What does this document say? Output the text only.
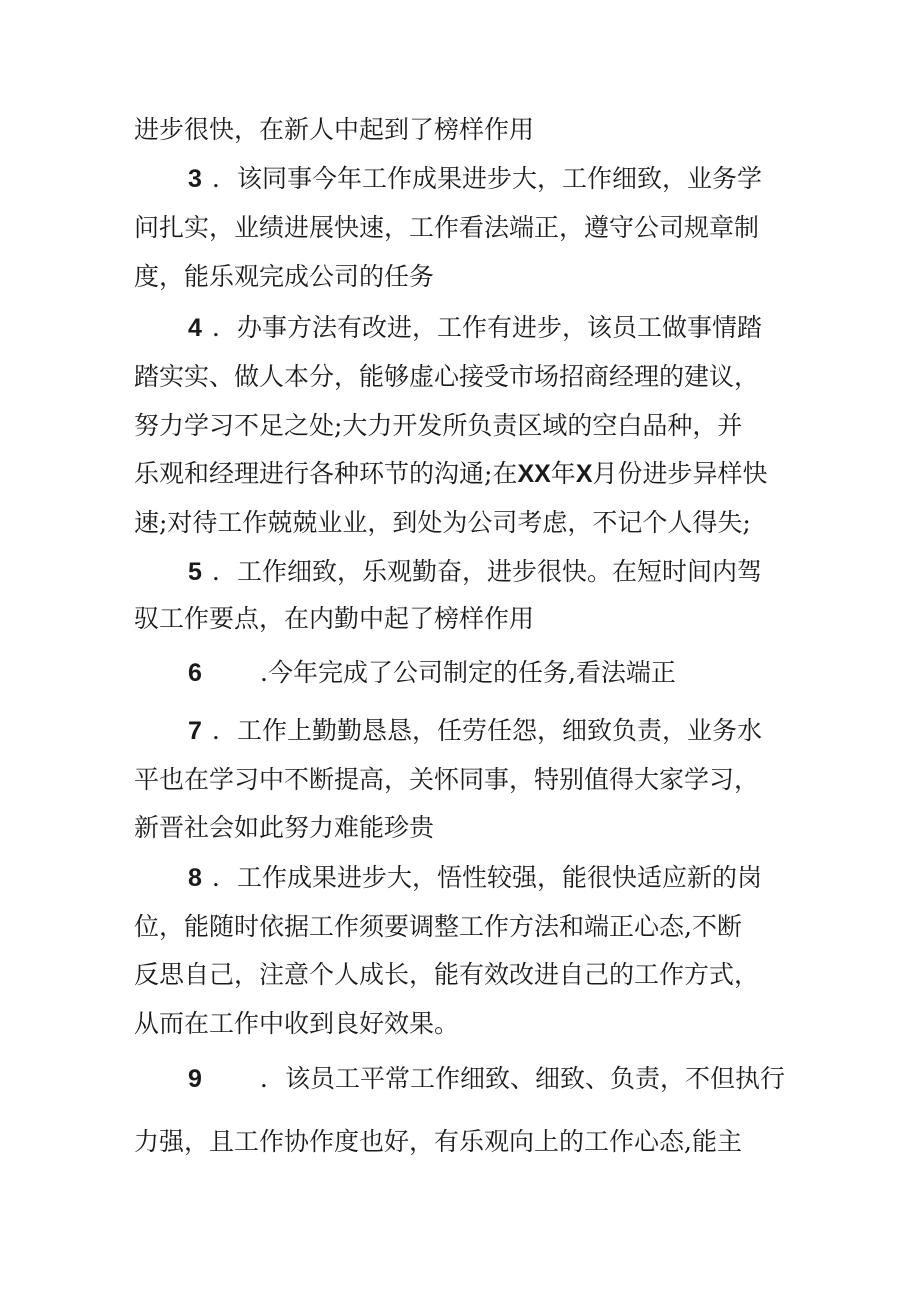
进步很快，在新人中起到了榜样作用
3 ．该同事今年工作成果进步大，工作细致，业务学
问扎实，业绩进展快速，工作看法端正，遵守公司规章制
度，能乐观完成公司的任务
4 ．办事方法有改进，工作有进步，该员工做事情踏
踏实实、做人本分，能够虚心接受市场招商经理的建议，
努力学习不足之处;大力开发所负责区域的空白品种，并
乐观和经理进行各种环节的沟通;在XX年X月份进步异样快
速;对待工作兢兢业业，到处为公司考虑，不记个人得失;
5 ．工作细致，乐观勤奋，进步很快。在短时间内驾
驭工作要点，在内勤中起了榜样作用
6 .今年完成了公司制定的任务,看法端正
7 ．工作上勤勤恳恳，任劳任怨，细致负责，业务水
平也在学习中不断提高，关怀同事，特别值得大家学习，
新晋社会如此努力难能珍贵
8 ．工作成果进步大，悟性较强，能很快适应新的岗
位，能随时依据工作须要调整工作方法和端正心态,不断
反思自己，注意个人成长，能有效改进自己的工作方式，
从而在工作中收到良好效果。
9 ．该员工平常工作细致、细致、负责，不但执行
力强，且工作协作度也好，有乐观向上的工作心态,能主
